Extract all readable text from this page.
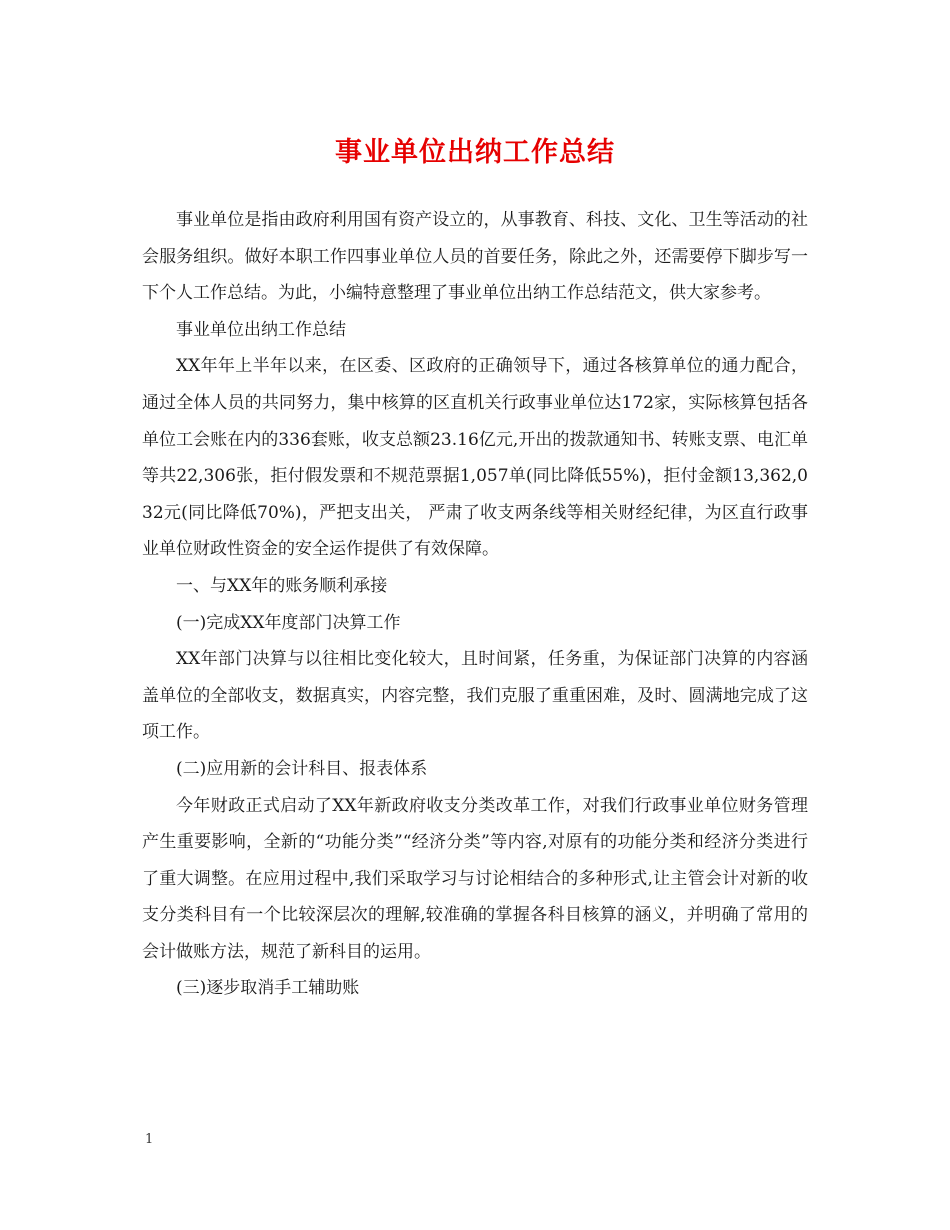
事业单位出纳工作总结

事业单位是指由政府利用国有资产设立的，从事教育、科技、文化、卫生等活动的社会服务组织。做好本职工作四事业单位人员的首要任务，除此之外，还需要停下脚步写一下个人工作总结。为此，小编特意整理了事业单位出纳工作总结范文，供大家参考。

事业单位出纳工作总结

XX年年上半年以来，在区委、区政府的正确领导下，通过各核算单位的通力配合，通过全体人员的共同努力，集中核算的区直机关行政事业单位达172家，实际核算包括各单位工会账在内的336套账，收支总额23.16亿元,开出的拨款通知书、转账支票、电汇单等共22,306张，拒付假发票和不规范票据1,057单(同比降低55%)，拒付金额13,362,032元(同比降低70%)，严把支出关， 严肃了收支两条线等相关财经纪律，为区直行政事业单位财政性资金的安全运作提供了有效保障。

一、与XX年的账务顺利承接

(一)完成XX年度部门决算工作

XX年部门决算与以往相比变化较大，且时间紧，任务重，为保证部门决算的内容涵盖单位的全部收支，数据真实，内容完整，我们克服了重重困难，及时、圆满地完成了这项工作。

(二)应用新的会计科目、报表体系

今年财政正式启动了XX年新政府收支分类改革工作，对我们行政事业单位财务管理产生重要影响，全新的“功能分类”“经济分类”等内容,对原有的功能分类和经济分类进行了重大调整。在应用过程中,我们采取学习与讨论相结合的多种形式,让主管会计对新的收支分类科目有一个比较深层次的理解,较准确的掌握各科目核算的涵义，并明确了常用的会计做账方法，规范了新科目的运用。

(三)逐步取消手工辅助账

1
